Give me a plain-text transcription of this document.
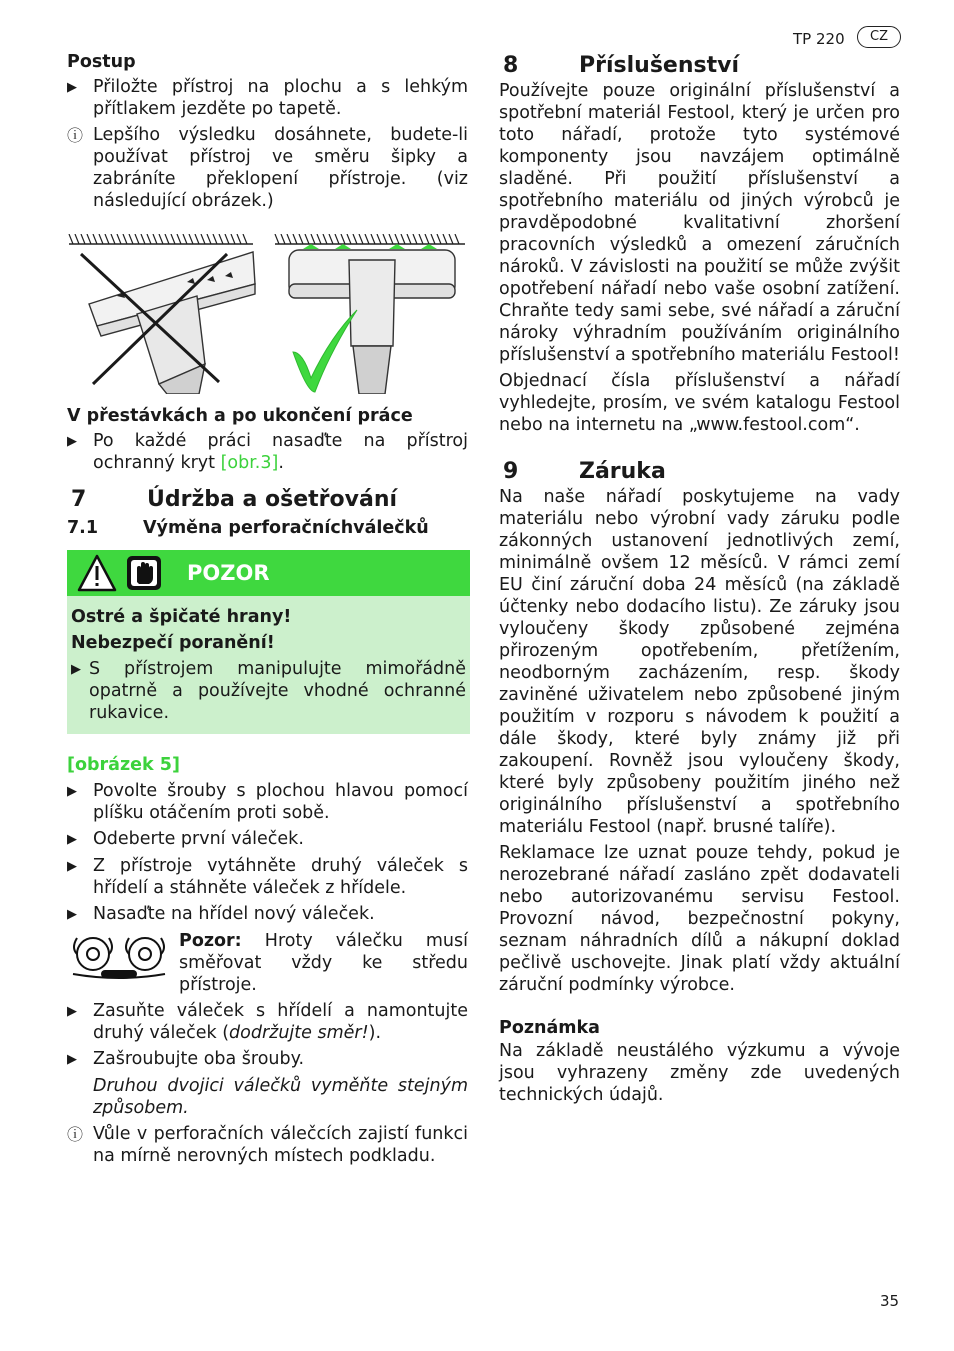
TP 220	CZ

Postup

▶ Přiložte přístroj na plochu a s lehkým přítlakem jezděte po tapetě.
ⓘ Lepšího výsledku dosáhnete, budete-li používat přístroj ve směru šipky a zabráníte překlopení přístroje. (viz následující obrázek.)

V přestávkách a po ukončení práce

▶ Po každé práci nasaďte na přístroj ochranný kryt [obr.3].
7	Údržba a ošetřování
7.1	Výměna perforačníchválečků
POZOR

Ostré a špičaté hrany!

Nebezpečí poranění!

▶ S přístrojem manipulujte mimořádně opatrně a používejte vhodné ochranné rukavice.

[obrázek 5]

▶ Povolte šrouby s plochou hlavou pomocí plíšku otáčením proti sobě.
▶ Odeberte první váleček.
▶ Z přístroje vytáhněte druhý váleček s hřídelí a stáhněte váleček z hřídele.
▶ Nasaďte na hřídel nový váleček.
Pozor: Hroty válečku musí směřovat vždy ke středu přístroje.
▶ Zasuňte váleček s hřídelí a namontujte druhý váleček (dodržujte směr!).
▶ Zašroubujte oba šrouby.

Druhou dvojici válečků vyměňte stejným způsobem.

ⓘ Vůle v perforačních válečcích zajistí funkci na mírně nerovných místech podkladu.
8	Příslušenství

Používejte pouze originální příslušenství a spotřební materiál Festool, který je určen pro toto nářadí, protože tyto systémové komponenty jsou navzájem optimálně sladěné. Při použití příslušenství a spotřebního materiálu od jiných výrobců je pravděpodobné kvalitativní zhoršení pracovních výsledků a omezení záručních nároků. V závislosti na použití se může zvýšit opotřebení nářadí nebo vaše osobní zatížení. Chraňte tedy sami sebe, své nářadí a záruční nároky výhradním používáním originálního příslušenství a spotřebního materiálu Festool!

Objednací čísla příslušenství a nářadí vyhledejte, prosím, ve svém katalogu Festool nebo na internetu na „www.festool.com“.

9	Záruka

Na naše nářadí poskytujeme na vady materiálu nebo výrobní vady záruku podle zákonných ustanovení jednotlivých zemí, minimálně ovšem 12 měsíců. V rámci zemí EU činí záruční doba 24 měsíců (na základě účtenky nebo dodacího listu). Ze záruky jsou vyloučeny škody způsobené zejména přirozeným opotřebením, přetížením, neodborným zacházením, resp. škody zaviněné uživatelem nebo způsobené jiným použitím v rozporu s návodem k použití a dále škody, které byly známy již při zakoupení. Rovněž jsou vyloučeny škody, které byly způsobeny použitím jiného než originálního příslušenství a spotřebního materiálu Festool (např. brusné talíře).

Reklamace lze uznat pouze tehdy, pokud je nerozebrané nářadí zasláno zpět dodavateli nebo autorizovanému servisu Festool. Provozní návod, bezpečnostní pokyny, seznam náhradních dílů a nákupní doklad pečlivě uschovejte. Jinak platí vždy aktuální záruční podmínky výrobce.

Poznámka

Na základě neustálého výzkumu a vývoje jsou vyhrazeny změny zde uvedených technických údajů.

35
